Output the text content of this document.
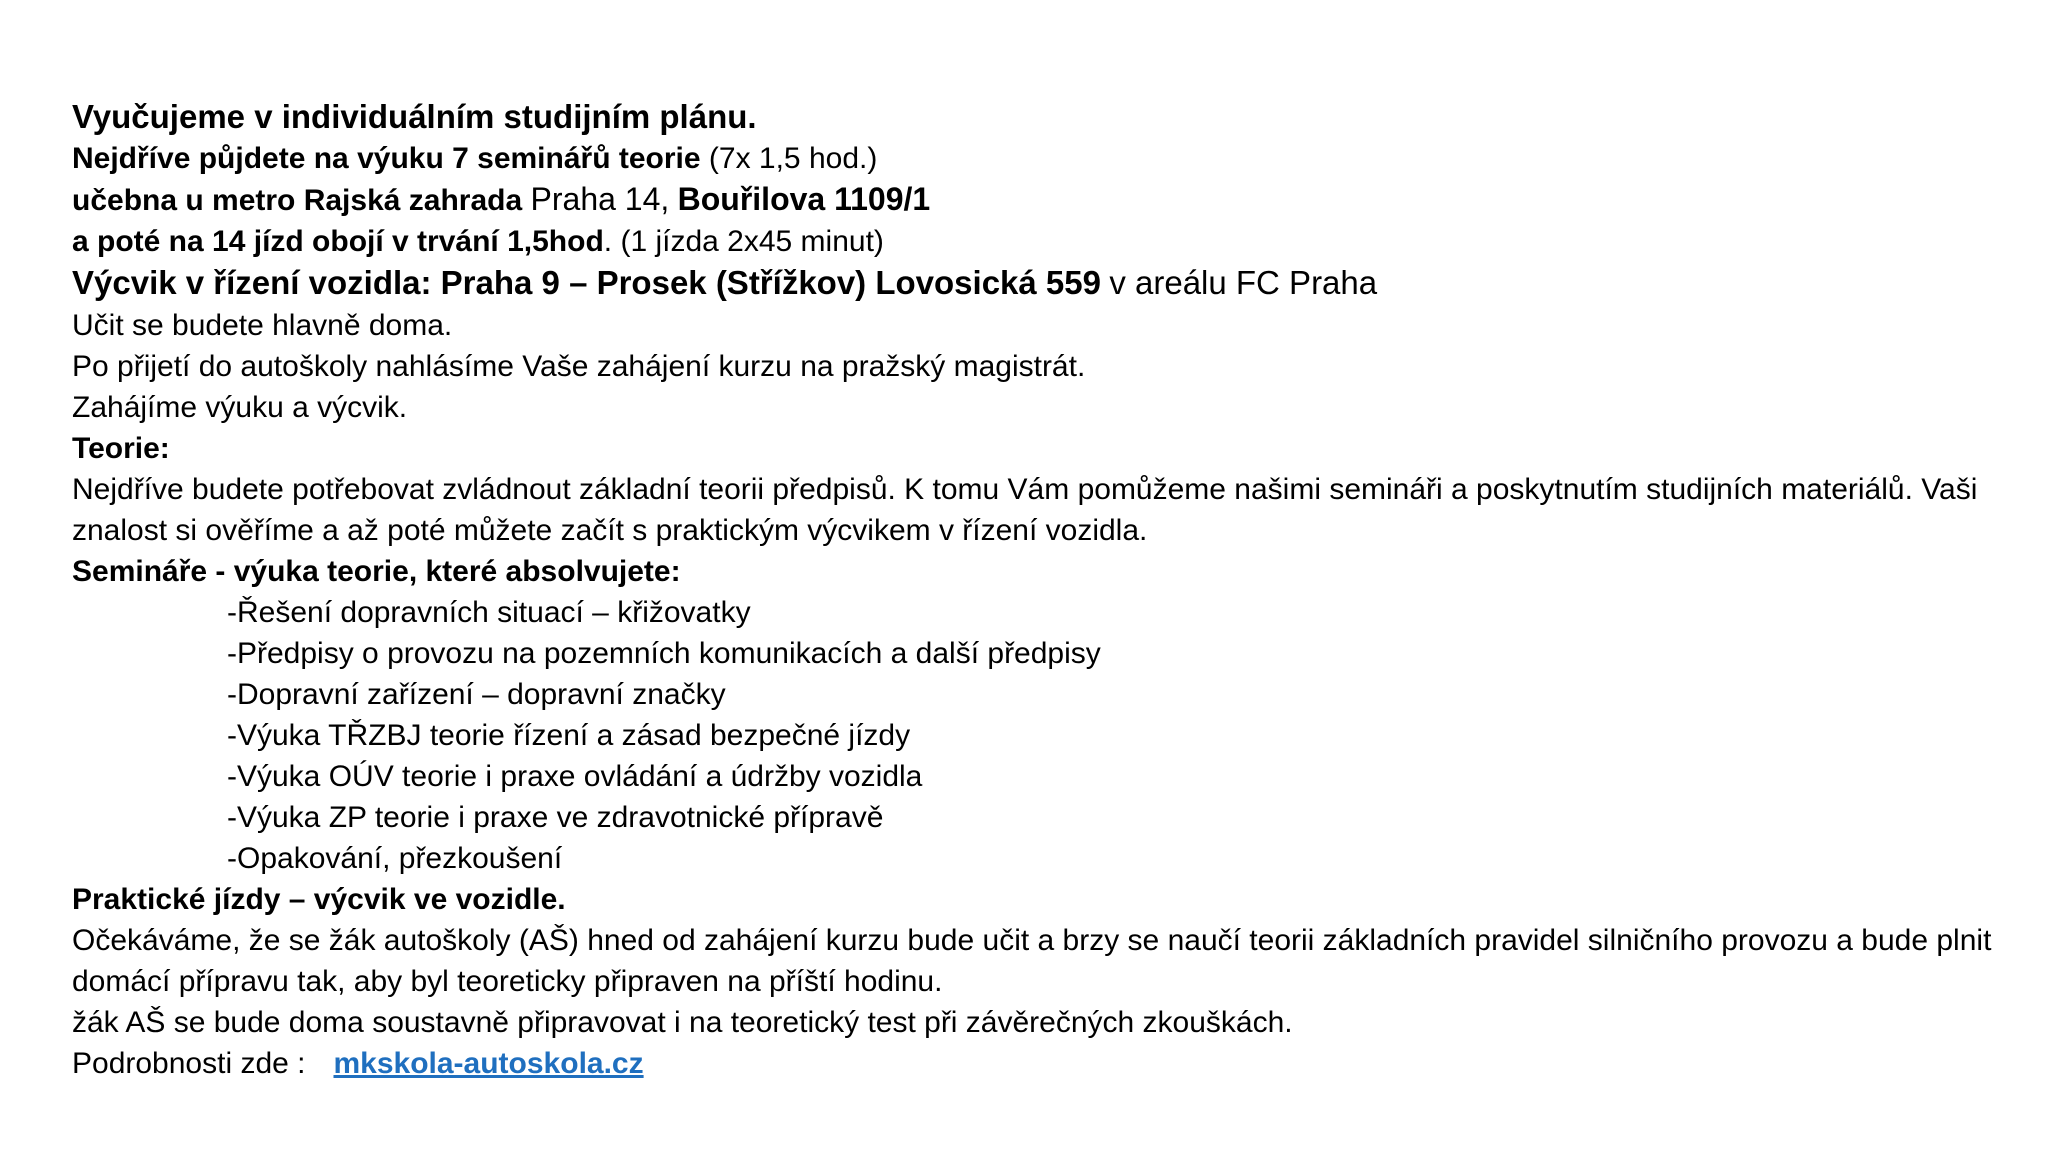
Vyučujeme v individuálním studijním plánu.
Nejdříve půjdete na výuku 7 seminářů teorie (7x 1,5 hod.)
učebna u metro Rajská zahrada Praha 14, Bouřilova 1109/1
a poté na 14 jízd obojí v trvání 1,5hod. (1 jízda 2x45 minut)
Výcvik v řízení vozidla: Praha 9 – Prosek (Střížkov) Lovosická 559 v areálu FC Praha
Učit se budete hlavně doma.
Po přijetí do autoškoly nahlásíme Vaše zahájení kurzu na pražský magistrát.
Zahájíme výuku a výcvik.
Teorie:
Nejdříve budete potřebovat zvládnout základní teorii předpisů. K tomu Vám pomůžeme našimi semináři a poskytnutím studijních materiálů. Vaši znalost si ověříme a až poté můžete začít s praktickým výcvikem v řízení vozidla.
Semináře - výuka teorie, které absolvujete:
-Řešení dopravních situací – křižovatky
-Předpisy o provozu na pozemních komunikacích a další předpisy
-Dopravní zařízení – dopravní značky
-Výuka TŘZBJ teorie řízení a zásad bezpečné jízdy
-Výuka OÚV teorie i praxe ovládání a údržby vozidla
-Výuka ZP teorie i praxe ve zdravotnické přípravě
-Opakování, přezkoušení
Praktické jízdy – výcvik ve vozidle.
Očekáváme, že se žák autoškoly (AŠ) hned od zahájení kurzu bude učit a brzy se naučí teorii základních pravidel silničního provozu a bude plnit domácí přípravu tak, aby byl teoreticky připraven na příští hodinu.
žák AŠ se bude doma soustavně připravovat i na teoretický test při závěrečných zkouškách.
Podrobnosti zde : mkskola-autoskola.cz
